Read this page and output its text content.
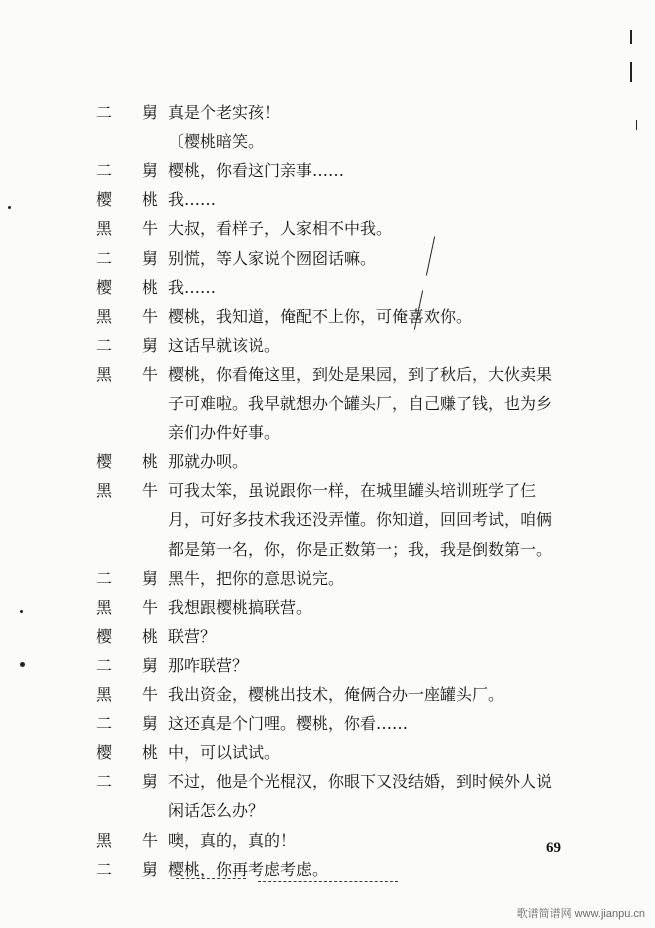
二 舅 真是个老实孩！
〔樱桃暗笑。
二 舅 樱桃，你看这门亲事……
樱 桃 我……
黑 牛 大叔，看样子，人家相不中我。
二 舅 别慌，等人家说个囫囵话嘛。
樱 桃 我……
黑 牛 樱桃，我知道，俺配不上你，可俺喜欢你。
二 舅 这话早就该说。
黑 牛 樱桃，你看俺这里，到处是果园，到了秋后，大伙卖果
子可难啦。我早就想办个罐头厂，自己赚了钱，也为乡
亲们办件好事。
樱 桃 那就办呗。
黑 牛 可我太笨，虽说跟你一样，在城里罐头培训班学了仨
月，可好多技术我还没弄懂。你知道，回回考试，咱俩
都是第一名，你，你是正数第一；我，我是倒数第一。
二 舅 黑牛，把你的意思说完。
黑 牛 我想跟樱桃搞联营。
樱 桃 联营？
二 舅 那咋联营？
黑 牛 我出资金，樱桃出技术，俺俩合办一座罐头厂。
二 舅 这还真是个门哩。樱桃，你看……
樱 桃 中，可以试试。
二 舅 不过，他是个光棍汉，你眼下又没结婚，到时候外人说
闲话怎么办？
黑 牛 噢，真的，真的！
二 舅 樱桃，你再考虑考虑。
69
歌谱简谱网 www.jianpu.cn
